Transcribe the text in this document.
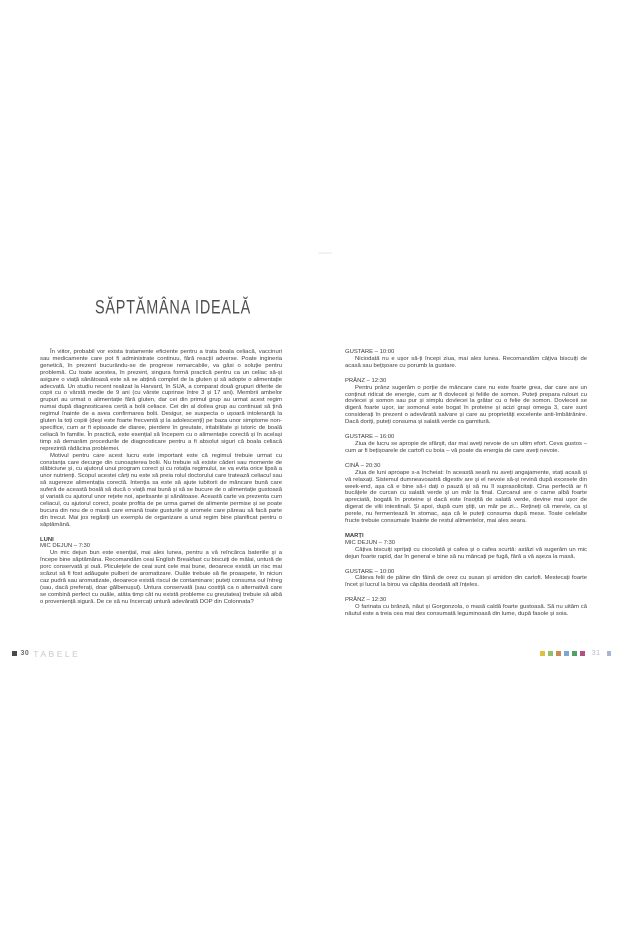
SĂPTĂMÂNA IDEALĂ
În viitor, probabil vor exista tratamente eficiente pentru a trata boala celiacă, vaccinuri sau medicamente care pot fi administrate continuu, fără reacții adverse. Poate ingineria genetică, în prezent bucurându-se de progrese remarcabile, va găsi o soluție pentru problemă. Cu toate acestea, în prezent, singura formă practică pentru ca un celiac să-și asigure o viață sănătoasă este să se abțină complet de la gluten și să adopte o alimentație adecvată. Un studiu recent realizat la Harvard, în SUA, a comparat două grupuri diferite de copii cu o vârstă medie de 9 ani (cu vârste cuprinse între 3 și 17 ani). Membrii ambelor grupuri au urmat o alimentație fără gluten, dar cei din primul grup au urmat acest regim numai după diagnosticarea certă a bolii celiace. Cei din al doilea grup au continuat să țină regimul înainte de a avea confirmarea bolii. Desigur, se suspecta o ușoară intoleranță la gluten la toți copiii (deși este foarte frecventă și la adolescenți) pe baza unor simptome non-specifice, cum ar fi episoade de diaree, pierdere în greutate, iritabilitate și istoric de boală celiacă în familie. În practică, este esențial să începem cu o alimentație corectă și în același timp să demarăm procedurile de diagnosticare pentru a fi absolut siguri că boala celiacă reprezintă rădăcina problemei.
Motivul pentru care acest lucru este important este că regimul trebuie urmat cu constanța care decurge din cunoașterea bolii. Nu trebuie să existe căderi sau momente de slăbiciune și, cu ajutorul unui program corect și cu rotația regimului, se va evita orice lipsă a unor nutrienți. Scopul acestei cărți nu este să preia rolul doctorului care tratează celiacul sau să sugereze alimentația corectă. Intenția sa este să ajute iubitorii de mâncare bună care suferă de această boală să ducă o viață mai bună și să se bucure de o alimentație gustoasă și variată cu ajutorul unor rețete noi, apetisante și sănătoase. Această carte va prezenta cum celiacul, cu ajutorul corect, poate profita de pe urma gamei de alimente permise și se poate bucura din nou de o masă care emană toate gusturile și aromele care păreau să facă parte din trecut. Mai jos regăsiți un exemplu de organizare a unui regim bine planificat pentru o săptămână.
LUNI
MIC DEJUN – 7:30
Un mic dejun bun este esențial, mai ales lunea, pentru a vă reîncărca bateriile și a începe bine săptămâna. Recomandăm ceai English Breakfast cu biscuiți de mălai, untură de porc conservată și ouă. Pliculețele de ceai sunt cele mai bune, deoarece există un risc mai scăzut să fi fost adăugate pulberi de aromatizare. Ouăle trebuie să fie proaspete, în niciun caz pudră sau aromatizate, deoarece există riscul de contaminare; puteți consuma oul întreg (sau, dacă preferați, doar gălbenușul). Untura conservată (sau costiță ca o alternativă care se combină perfect cu ouăle, atâta timp cât nu există probleme cu greutatea) trebuie să aibă o proveniență sigură. De ce să nu încercați untură adevărată DOP din Colonnata?
GUSTARE – 10:00
Niciodată nu e ușor să-ți începi ziua, mai ales lunea. Recomandăm câțiva biscuiți de acasă sau bețișoare cu porumb la gustare.
PRÂNZ – 12:30
Pentru prânz sugerăm o porție de mâncare care nu este foarte grea, dar care are un conținut ridicat de energie, cum ar fi dovleceii și feliile de somon. Puteți prepara rulouri cu dovlecei și somon sau pur și simplu dovlecei la grătar cu o felie de somon. Dovleceii se digeră foarte ușor, iar somonul este bogat în proteine și acizi grași omega 3, care sunt considerați în prezent o adevărată salvare și care au proprietăți excelente anti-îmbătrânire. Dacă doriți, puteți consuma și salată verde ca garnitură.
GUSTARE – 16:00
Ziua de lucru se apropie de sfârșit, dar mai aveți nevoie de un ultim efort. Ceva gustos – cum ar fi bețișoarele de cartofi cu boia – vă poate da energia de care aveți nevoie.
CINĂ – 20:30
Ziua de luni aproape s-a încheiat: în această seară nu aveți angajamente, stați acasă și vă relaxați. Sistemul dumneavoastră digestiv are și el nevoie să-și revină după excesele din week-end, așa că e bine să-i dați o pauză și să nu îl suprasolicitați. Cina perfectă ar fi bucățele de curcan cu salată verde și un măr la final. Curcanul are o carne albă foarte apreciată, bogată în proteine și dacă este însoțită de salată verde, devine mai ușor de digerat de vilii intestinali. Și apoi, după cum știți, un măr pe zi... Rețineți că merele, ca și perele, nu fermentează în stomac, așa că le puteți consuma după mese. Toate celelalte fructe trebuie consumate înainte de restul alimentelor, mai ales seara.
MARȚI
MIC DEJUN – 7:30
Câțiva biscuiți sprițați cu ciocolată și cafea și o cafea scurtă: astăzi vă sugerăm un mic dejun foarte rapid, dar în general e bine să nu mâncați pe fugă, fără a vă așeza la masă.
GUSTARE – 10:00
Câteva felii de pâine din făină de orez cu susan și amidon din cartofi. Mestecați foarte încet și lucrul la birou va căpăta deodată alt înțeles.
PRÂNZ – 12:30
O farinata cu brânză, năut și Gorgonzola, o masă caldă foarte gustoasă. Să nu uităm că năutul este a treia cea mai des consumată leguminoasă din lume, după fasole și soia.
30 TABELE	31
